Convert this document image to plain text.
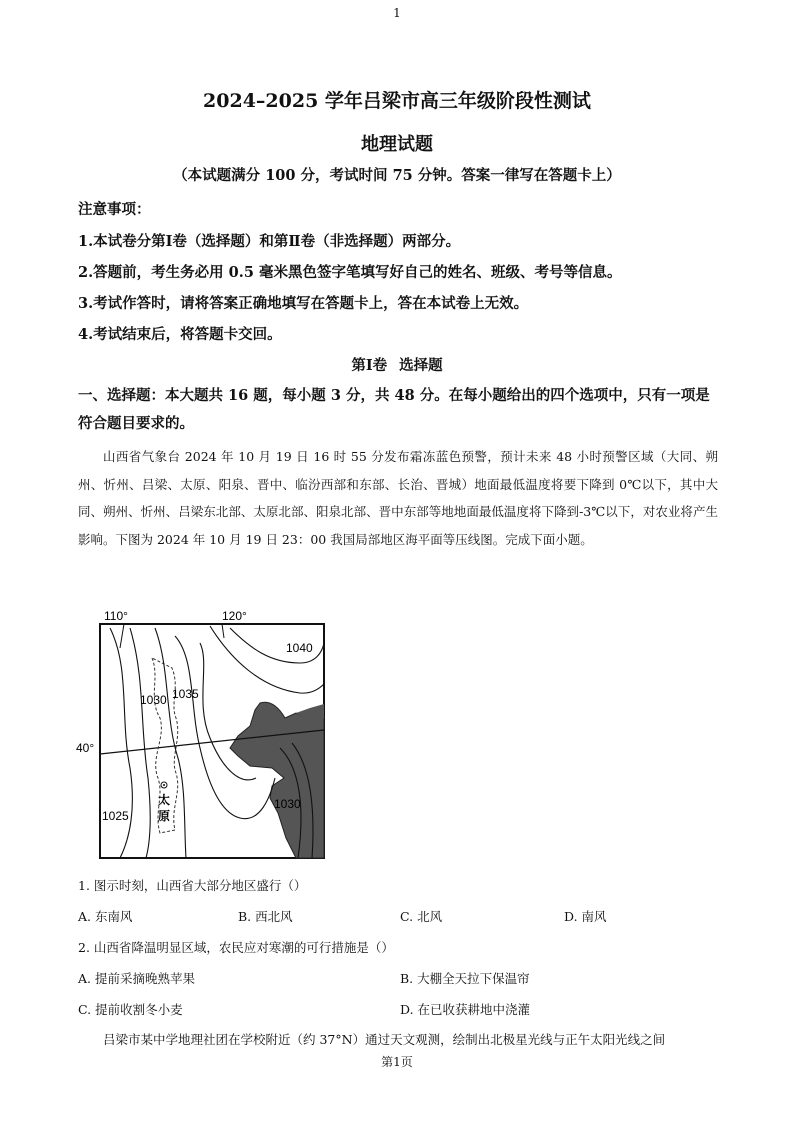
1
2024–2025 学年吕梁市高三年级阶段性测试
地理试题
（本试题满分 100 分，考试时间 75 分钟。答案一律写在答题卡上）
注意事项：
1.本试卷分第Ⅰ卷（选择题）和第Ⅱ卷（非选择题）两部分。
2.答题前，考生务必用 0.5 毫米黑色签字笔填写好自己的姓名、班级、考号等信息。
3.考试作答时，请将答案正确地填写在答题卡上，答在本试卷上无效。
4.考试结束后，将答题卡交回。
第Ⅰ卷 选择题
一、选择题：本大题共 16 题，每小题 3 分，共 48 分。在每小题给出的四个选项中，只有一项是符合题目要求的。

山西省气象台 2024 年 10 月 19 日 16 时 55 分发布霜冻蓝色预警，预计未来 48 小时预警区域（大同、朔州、忻州、吕梁、太原、阳泉、晋中、临汾西部和东部、长治、晋城）地面最低温度将要下降到 0℃以下，其中大同、朔州、忻州、吕梁东北部、太原北部、阳泉北部、晋中东部等地地面最低温度将下降到-3℃以下，对农业将产生影响。下图为 2024 年 10 月 19 日 23：00 我国局部地区海平面等压线图。完成下面小题。

110°	120°
40°
1040
1035
1030
1030
1025
太
原
1. 图示时刻，山西省大部分地区盛行（）
A. 东南风	B. 西北风	C. 北风	D. 南风
2. 山西省降温明显区域，农民应对寒潮的可行措施是（）
A. 提前采摘晚熟苹果	B. 大棚全天拉下保温帘
C. 提前收割冬小麦	D. 在已收获耕地中浇灌
吕梁市某中学地理社团在学校附近（约 37°N）通过天文观测，绘制出北极星光线与正午太阳光线之间
第1页
